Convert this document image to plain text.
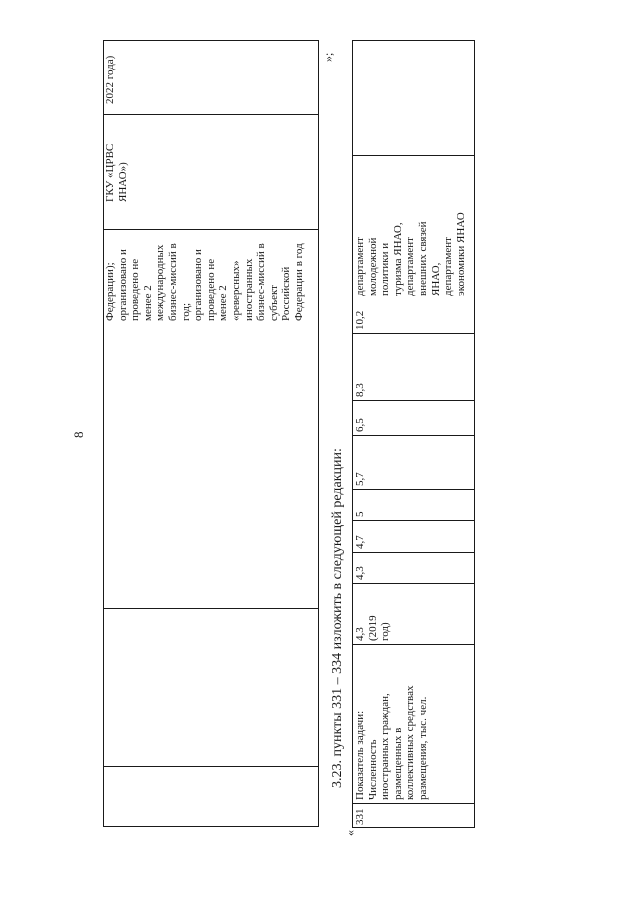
8
Федерации);
организовано и
проведено не
менее 2
международных
бизнес-миссий в
год;
организовано и
проведено не
менее 2
«реверсных»
иностранных
бизнес-миссий в
субъект
Российской
Федерации в год
ГКУ «ЦРВС
ЯНАО»)
2022 года)	»;
3.23. пункты 331 – 334 изложить в следующей редакции:
«
331
Показатель задачи:
Численность
иностранных граждан,
размещенных в
коллективных средствах
размещения, тыс. чел.
4,3
(2019
год)
4,3
4,7
5
5,7
6,5
8,3
10,2
департамент
молодежной
политики и
туризма ЯНАО,
департамент
внешних связей
ЯНАО,
департамент
экономики ЯНАО
